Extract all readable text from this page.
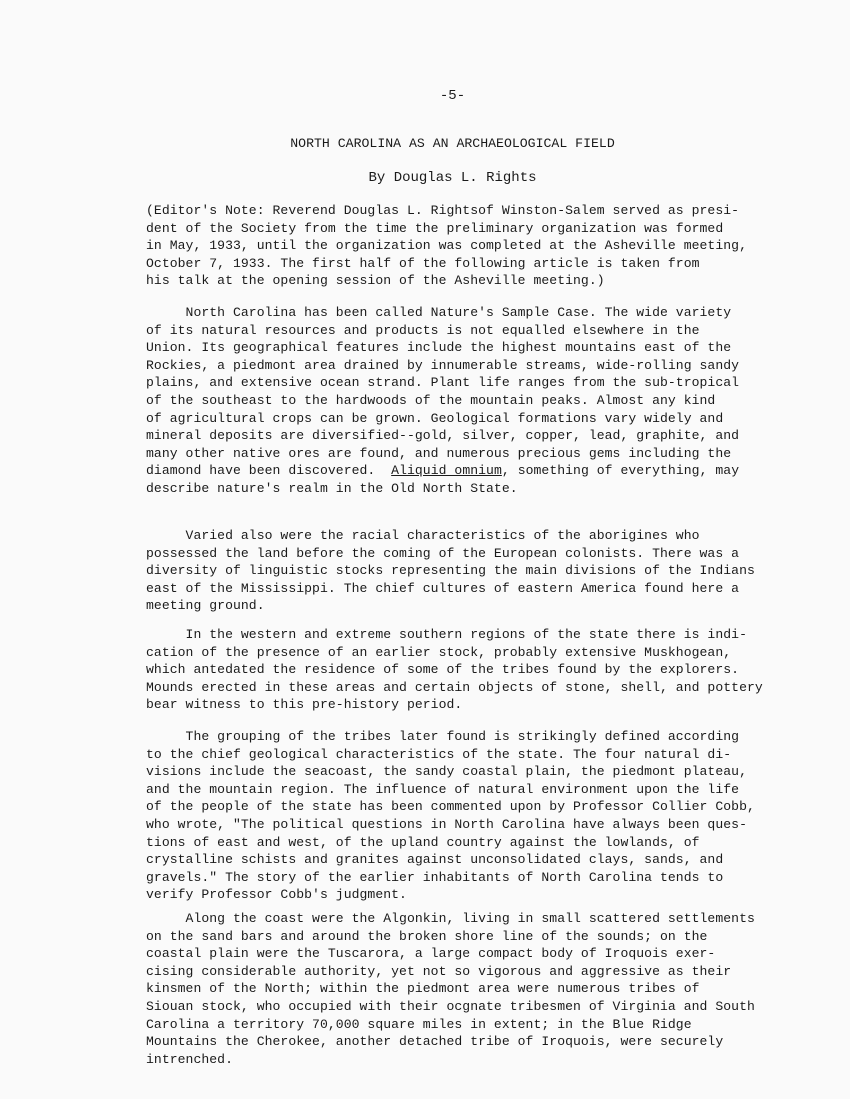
-5-
NORTH CAROLINA AS AN ARCHAEOLOGICAL FIELD
By Douglas L. Rights
(Editor's Note: Reverend Douglas L. Rightsof Winston-Salem served as presi-
dent of the Society from the time the preliminary organization was formed
in May, 1933, until the organization was completed at the Asheville meeting,
October 7, 1933. The first half of the following article is taken from
his talk at the opening session of the Asheville meeting.)
North Carolina has been called Nature's Sample Case. The wide variety
of its natural resources and products is not equalled elsewhere in the
Union. Its geographical features include the highest mountains east of the
Rockies, a piedmont area drained by innumerable streams, wide-rolling sandy
plains, and extensive ocean strand. Plant life ranges from the sub-tropical
of the southeast to the hardwoods of the mountain peaks. Almost any kind
of agricultural crops can be grown. Geological formations vary widely and
mineral deposits are diversified--gold, silver, copper, lead, graphite, and
many other native ores are found, and numerous precious gems including the
diamond have been discovered. Aliquid omnium, something of everything, may
describe nature's realm in the Old North State.
Varied also were the racial characteristics of the aborigines who
possessed the land before the coming of the European colonists. There was a
diversity of linguistic stocks representing the main divisions of the Indians
east of the Mississippi. The chief cultures of eastern America found here a
meeting ground.
In the western and extreme southern regions of the state there is indi-
cation of the presence of an earlier stock, probably extensive Muskhogean,
which antedated the residence of some of the tribes found by the explorers.
Mounds erected in these areas and certain objects of stone, shell, and pottery
bear witness to this pre-history period.
The grouping of the tribes later found is strikingly defined according
to the chief geological characteristics of the state. The four natural di-
visions include the seacoast, the sandy coastal plain, the piedmont plateau,
and the mountain region. The influence of natural environment upon the life
of the people of the state has been commented upon by Professor Collier Cobb,
who wrote, "The political questions in North Carolina have always been ques-
tions of east and west, of the upland country against the lowlands, of
crystalline schists and granites against unconsolidated clays, sands, and
gravels." The story of the earlier inhabitants of North Carolina tends to
verify Professor Cobb's judgment.
Along the coast were the Algonkin, living in small scattered settlements
on the sand bars and around the broken shore line of the sounds; on the
coastal plain were the Tuscarora, a large compact body of Iroquois exer-
cising considerable authority, yet not so vigorous and aggressive as their
kinsmen of the North; within the piedmont area were numerous tribes of
Siouan stock, who occupied with their ocgnate tribesmen of Virginia and South
Carolina a territory 70,000 square miles in extent; in the Blue Ridge
Mountains the Cherokee, another detached tribe of Iroquois, were securely
intrenched.
